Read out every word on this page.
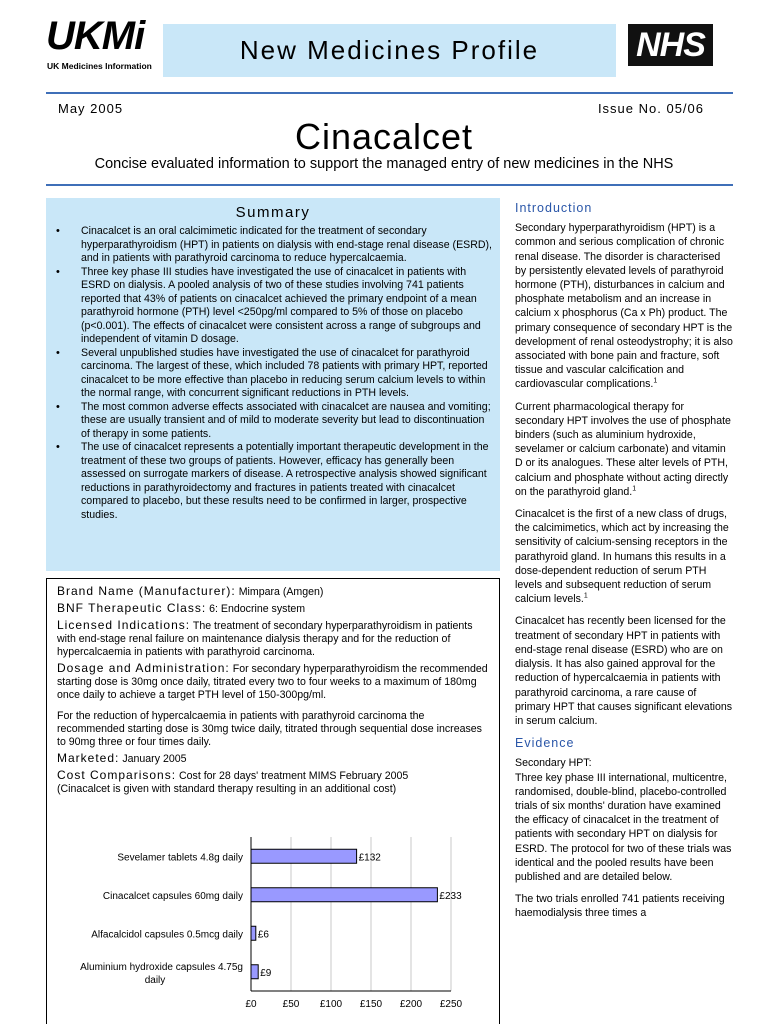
UKMi
UK Medicines Information
New Medicines Profile	NHS
May 2005	Issue No. 05/06
Cinacalcet
Concise evaluated information to support the managed entry of new medicines in the NHS
Summary
• Cinacalcet is an oral calcimimetic indicated for the treatment of secondary hyperparathyroidism (HPT) in patients on dialysis with end-stage renal disease (ESRD), and in patients with parathyroid carcinoma to reduce hypercalcaemia.
• Three key phase III studies have investigated the use of cinacalcet in patients with ESRD on dialysis. A pooled analysis of two of these studies involving 741 patients reported that 43% of patients on cinacalcet achieved the primary endpoint of a mean parathyroid hormone (PTH) level <250pg/ml compared to 5% of those on placebo (p<0.001). The effects of cinacalcet were consistent across a range of subgroups and independent of vitamin D dosage.
• Several unpublished studies have investigated the use of cinacalcet for parathyroid carcinoma. The largest of these, which included 78 patients with primary HPT, reported cinacalcet to be more effective than placebo in reducing serum calcium levels to within the normal range, with concurrent significant reductions in PTH levels.
• The most common adverse effects associated with cinacalcet are nausea and vomiting; these are usually transient and of mild to moderate severity but lead to discontinuation of therapy in some patients.
• The use of cinacalcet represents a potentially important therapeutic development in the treatment of these two groups of patients. However, efficacy has generally been assessed on surrogate markers of disease. A retrospective analysis showed significant reductions in parathyroidectomy and fractures in patients treated with cinacalcet compared to placebo, but these results need to be confirmed in larger, prospective studies.

Brand Name (Manufacturer): Mimpara (Amgen)

BNF Therapeutic Class: 6: Endocrine system

Licensed Indications: The treatment of secondary hyperparathyroidism in patients with end-stage renal failure on maintenance dialysis therapy and for the reduction of hypercalcaemia in patients with parathyroid carcinoma.

Dosage and Administration: For secondary hyperparathyroidism the recommended starting dose is 30mg once daily, titrated every two to four weeks to a maximum of 180mg once daily to achieve a target PTH level of 150-300pg/ml.

For the reduction of hypercalcaemia in patients with parathyroid carcinoma the recommended starting dose is 30mg twice daily, titrated through sequential dose increases to 90mg three or four times daily.

Marketed: January 2005

Cost Comparisons: Cost for 28 days' treatment MIMS February 2005

(Cinacalcet is given with standard therapy resulting in an additional cost)

£0	£50 £100 £150 £200 £250
£132
Sevelamer tablets 4.8g daily
£233
Cinacalcet capsules 60mg daily
£6
Alfacalcidol capsules 0.5mcg daily
£9
Aluminium hydroxide capsules 4.75g daily
Introduction

Secondary hyperparathyroidism (HPT) is a common and serious complication of chronic renal disease. The disorder is characterised by persistently elevated levels of parathyroid hormone (PTH), disturbances in calcium and phosphate metabolism and an increase in calcium x phosphorus (Ca x Ph) product. The primary consequence of secondary HPT is the development of renal osteodystrophy; it is also associated with bone pain and fracture, soft tissue and vascular calcification and cardiovascular complications.$^1$

Current pharmacological therapy for secondary HPT involves the use of phosphate binders (such as aluminium hydroxide, sevelamer or calcium carbonate) and vitamin D or its analogues. These alter levels of PTH, calcium and phosphate without acting directly on the parathyroid gland.$^1$

Cinacalcet is the first of a new class of drugs, the calcimimetics, which act by increasing the sensitivity of calcium-sensing receptors in the parathyroid gland. In humans this results in a dose-dependent reduction of serum PTH levels and subsequent reduction of serum calcium levels.$^1$

Cinacalcet has recently been licensed for the treatment of secondary HPT in patients with end-stage renal disease (ESRD) who are on dialysis. It has also gained approval for the reduction of hypercalcaemia in patients with parathyroid carcinoma, a rare cause of primary HPT that causes significant elevations in serum calcium.

Evidence

Secondary HPT:

Three key phase III international, multicentre, randomised, double-blind, placebo-controlled trials of six months' duration have examined the efficacy of cinacalcet in the treatment of patients with secondary HPT on dialysis for ESRD. The protocol for two of these trials was identical and the pooled results have been published and are detailed below.

The two trials enrolled 741 patients receiving haemodialysis three times a
